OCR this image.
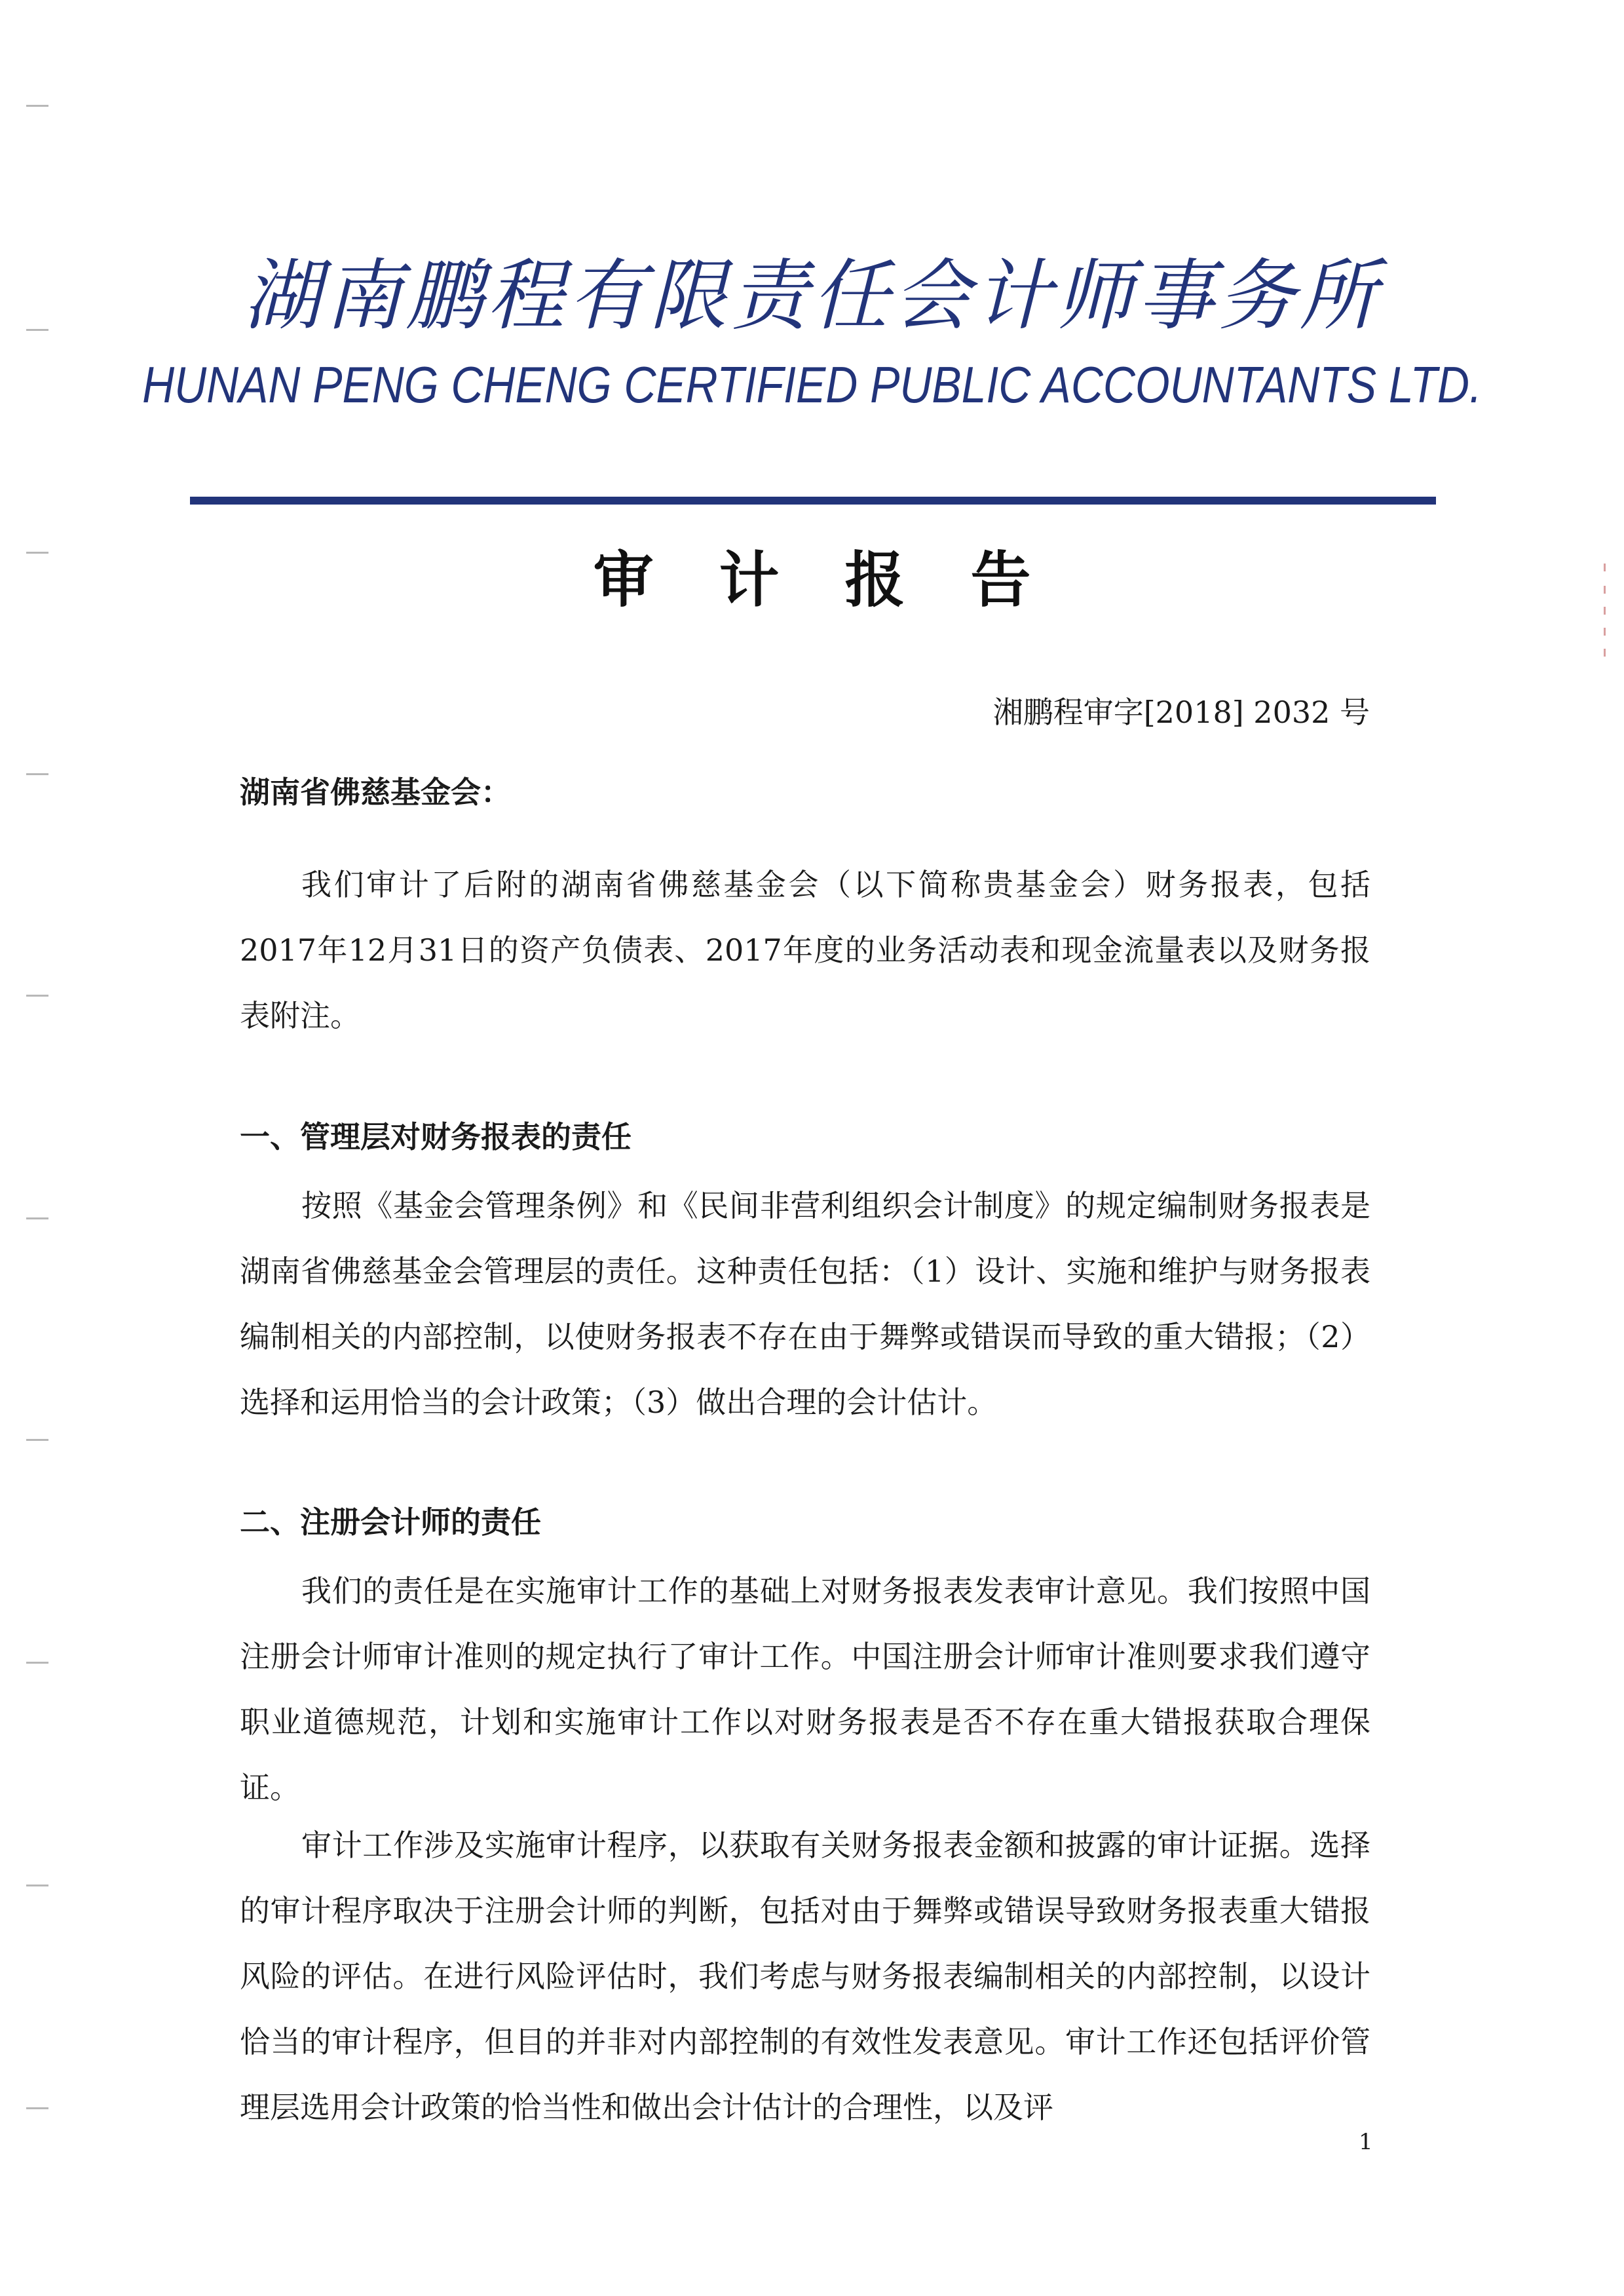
湖南鹏程有限责任会计师事务所
HUNAN PENG CHENG CERTIFIED PUBLIC ACCOUNTANTS LTD.
审计报告
湘鹏程审字[2018] 2032 号
湖南省佛慈基金会：

我们审计了后附的湖南省佛慈基金会（以下简称贵基金会）财务报表，包括2017年12月31日的资产负债表、2017年度的业务活动表和现金流量表以及财务报表附注。

一、管理层对财务报表的责任

按照《基金会管理条例》和《民间非营利组织会计制度》的规定编制财务报表是湖南省佛慈基金会管理层的责任。这种责任包括：（1）设计、实施和维护与财务报表编制相关的内部控制，以使财务报表不存在由于舞弊或错误而导致的重大错报；（2）选择和运用恰当的会计政策；（3）做出合理的会计估计。

二、注册会计师的责任

我们的责任是在实施审计工作的基础上对财务报表发表审计意见。我们按照中国注册会计师审计准则的规定执行了审计工作。中国注册会计师审计准则要求我们遵守职业道德规范，计划和实施审计工作以对财务报表是否不存在重大错报获取合理保证。

审计工作涉及实施审计程序，以获取有关财务报表金额和披露的审计证据。选择的审计程序取决于注册会计师的判断，包括对由于舞弊或错误导致财务报表重大错报风险的评估。在进行风险评估时，我们考虑与财务报表编制相关的内部控制，以设计恰当的审计程序，但目的并非对内部控制的有效性发表意见。审计工作还包括评价管理层选用会计政策的恰当性和做出会计估计的合理性，以及评

1
